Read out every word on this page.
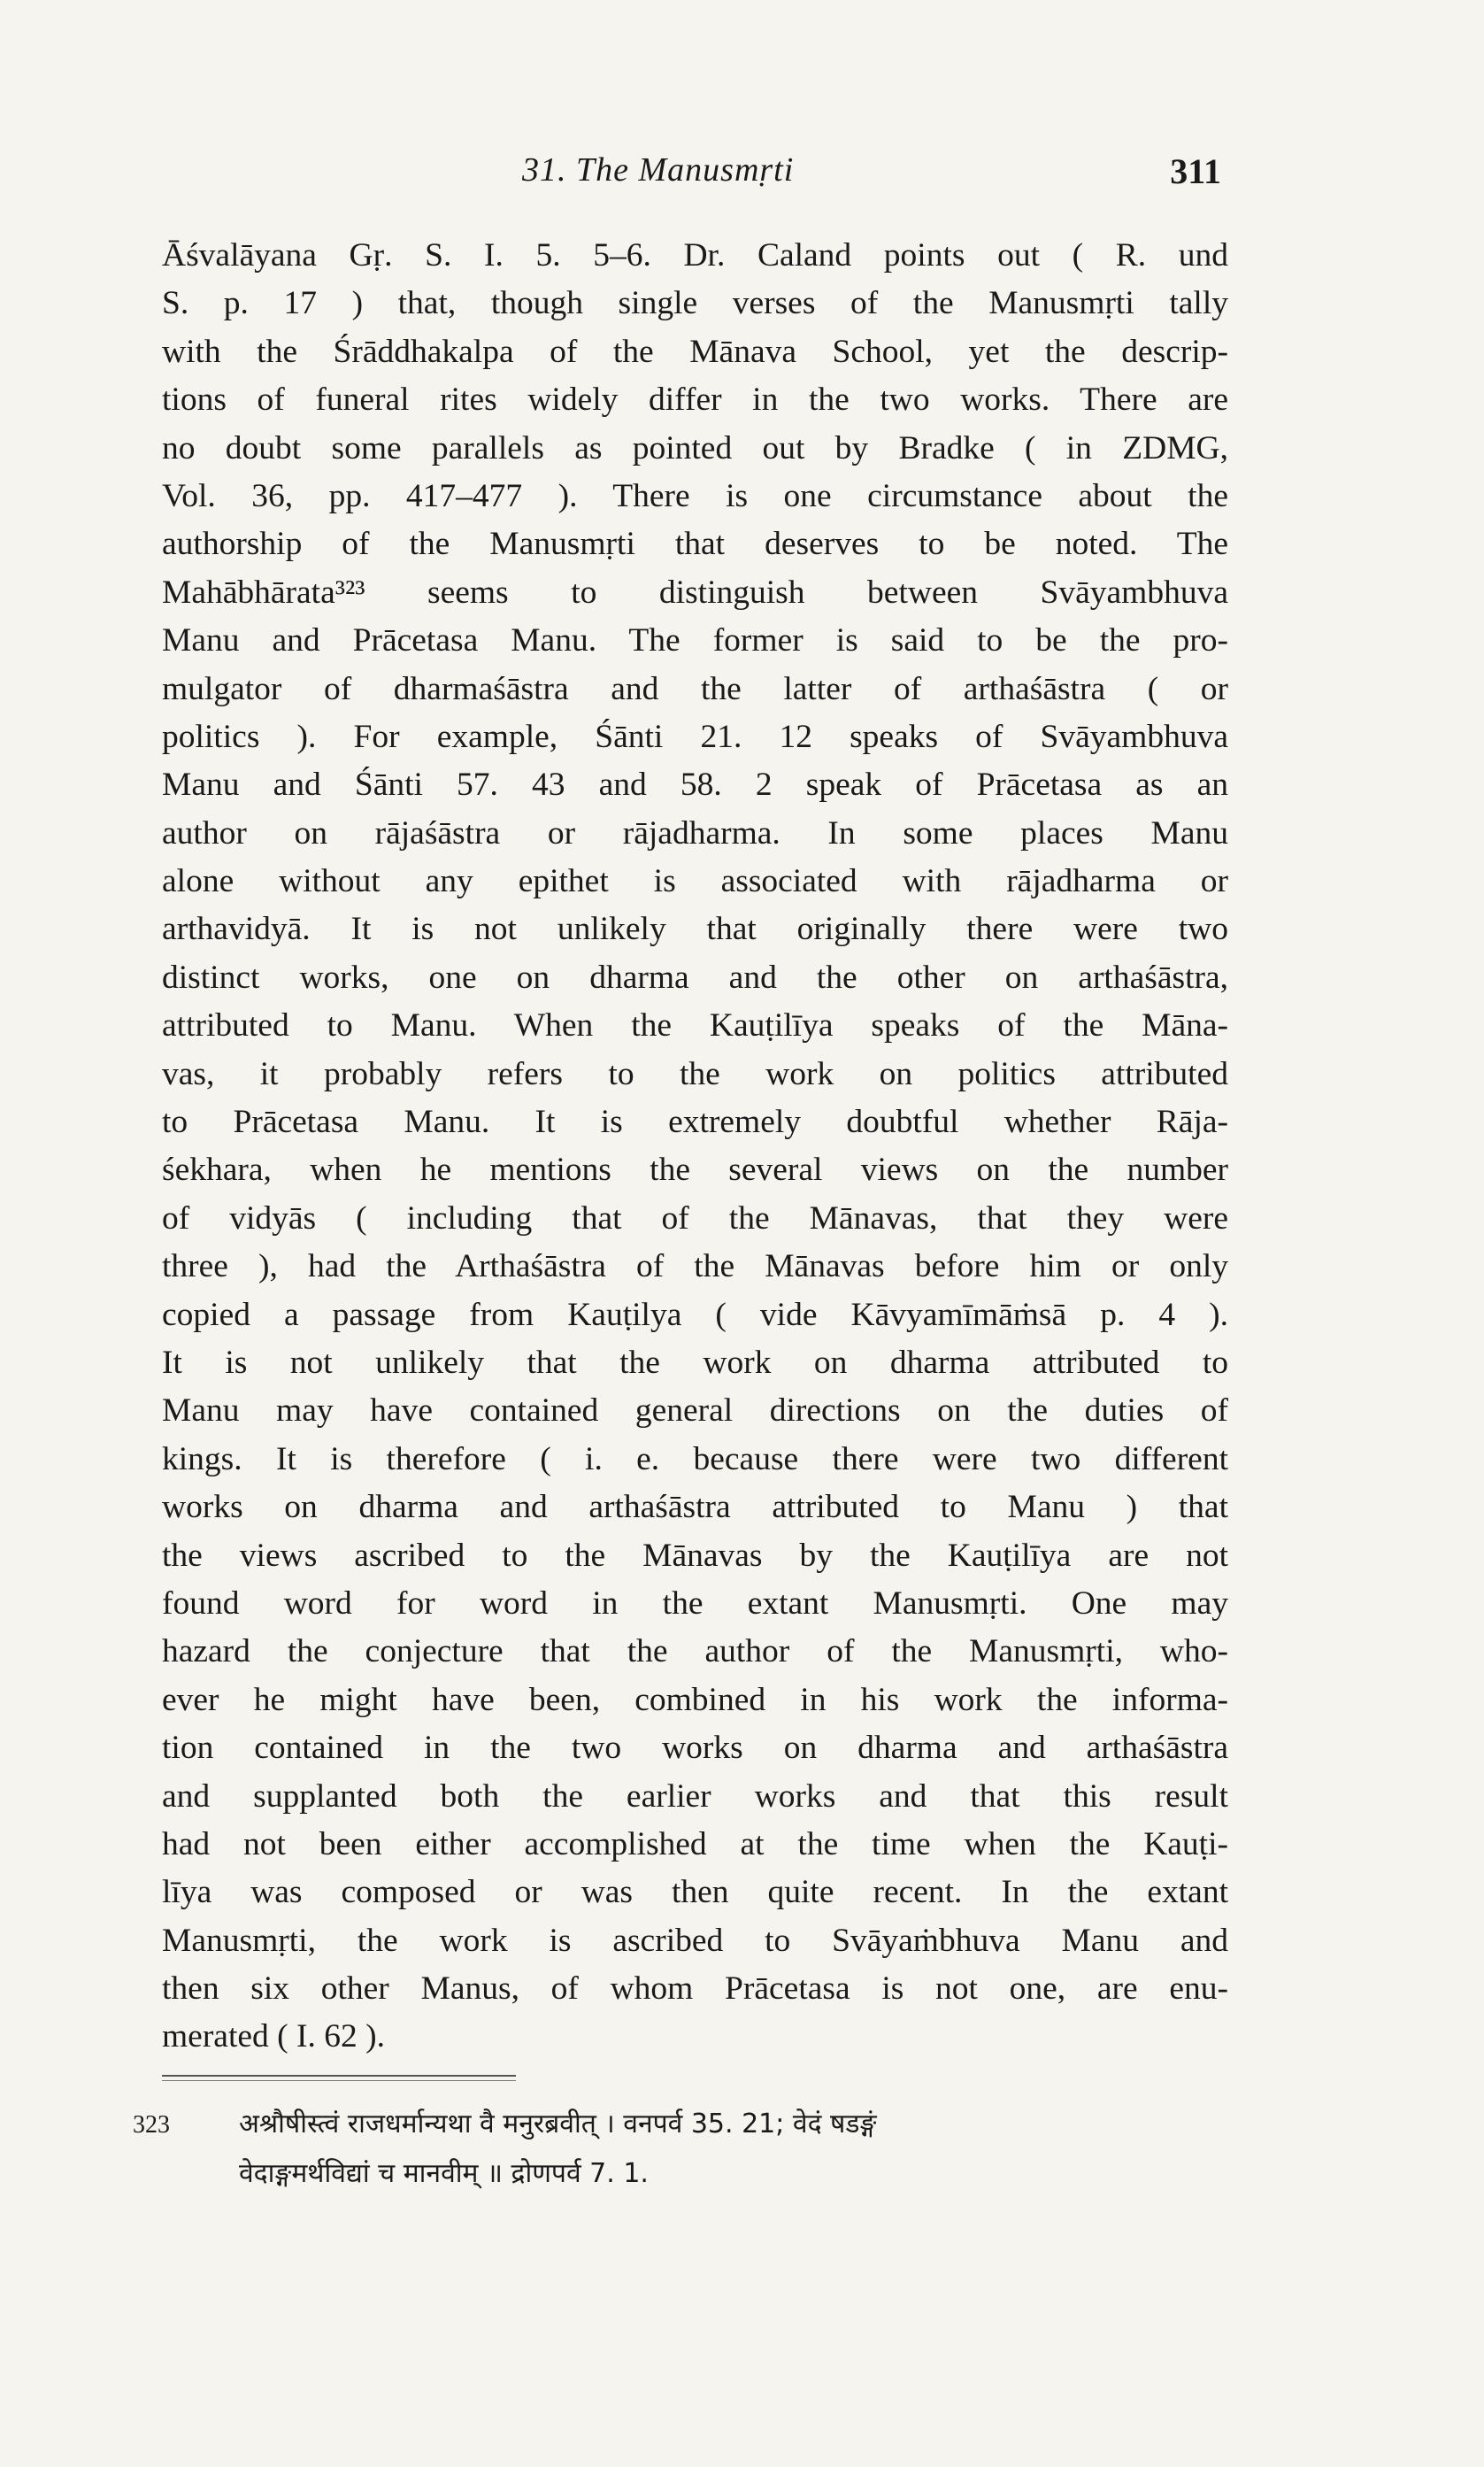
31. The Manusmṛti	311
Āśvalāyana Gṛ. S. I. 5. 5–6. Dr. Caland points out ( R. und
S. p. 17 ) that, though single verses of the Manusmṛti tally
with the Śrāddhakalpa of the Mānava School, yet the descrip-
tions of funeral rites widely differ in the two works. There are
no doubt some parallels as pointed out by Bradke ( in ZDMG,
Vol. 36, pp. 417–477 ). There is one circumstance about the
authorship of the Manusmṛti that deserves to be noted. The
Mahābhārata³²³ seems to distinguish between Svāyambhuva
Manu and Prācetasa Manu. The former is said to be the pro-
mulgator of dharmaśāstra and the latter of arthaśāstra ( or
politics ). For example, Śānti 21. 12 speaks of Svāyambhuva
Manu and Śānti 57. 43 and 58. 2 speak of Prācetasa as an
author on rājaśāstra or rājadharma. In some places Manu
alone without any epithet is associated with rājadharma or
arthavidyā. It is not unlikely that originally there were two
distinct works, one on dharma and the other on arthaśāstra,
attributed to Manu. When the Kauṭilīya speaks of the Māna-
vas, it probably refers to the work on politics attributed
to Prācetasa Manu. It is extremely doubtful whether Rāja-
śekhara, when he mentions the several views on the number
of vidyās ( including that of the Mānavas, that they were
three ), had the Arthaśāstra of the Mānavas before him or only
copied a passage from Kauṭilya ( vide Kāvyamīmāṁsā p. 4 ).
It is not unlikely that the work on dharma attributed to
Manu may have contained general directions on the duties of
kings. It is therefore ( i. e. because there were two different
works on dharma and arthaśāstra attributed to Manu ) that
the views ascribed to the Mānavas by the Kauṭilīya are not
found word for word in the extant Manusmṛti. One may
hazard the conjecture that the author of the Manusmṛti, who-
ever he might have been, combined in his work the informa-
tion contained in the two works on dharma and arthaśāstra
and supplanted both the earlier works and that this result
had not been either accomplished at the time when the Kauṭi-
līya was composed or was then quite recent. In the extant
Manusmṛti, the work is ascribed to Svāyaṁbhuva Manu and
then six other Manus, of whom Prācetasa is not one, are enu-
merated ( I. 62 ).
323	अश्रौषीस्त्वं राजधर्मान्यथा वै मनुरब्रवीत् । वनपर्व 35. 21; वेदं षडङ्गं
वेदाङ्गमर्थविद्यां च मानवीम् ॥ द्रोणपर्व 7. 1.
